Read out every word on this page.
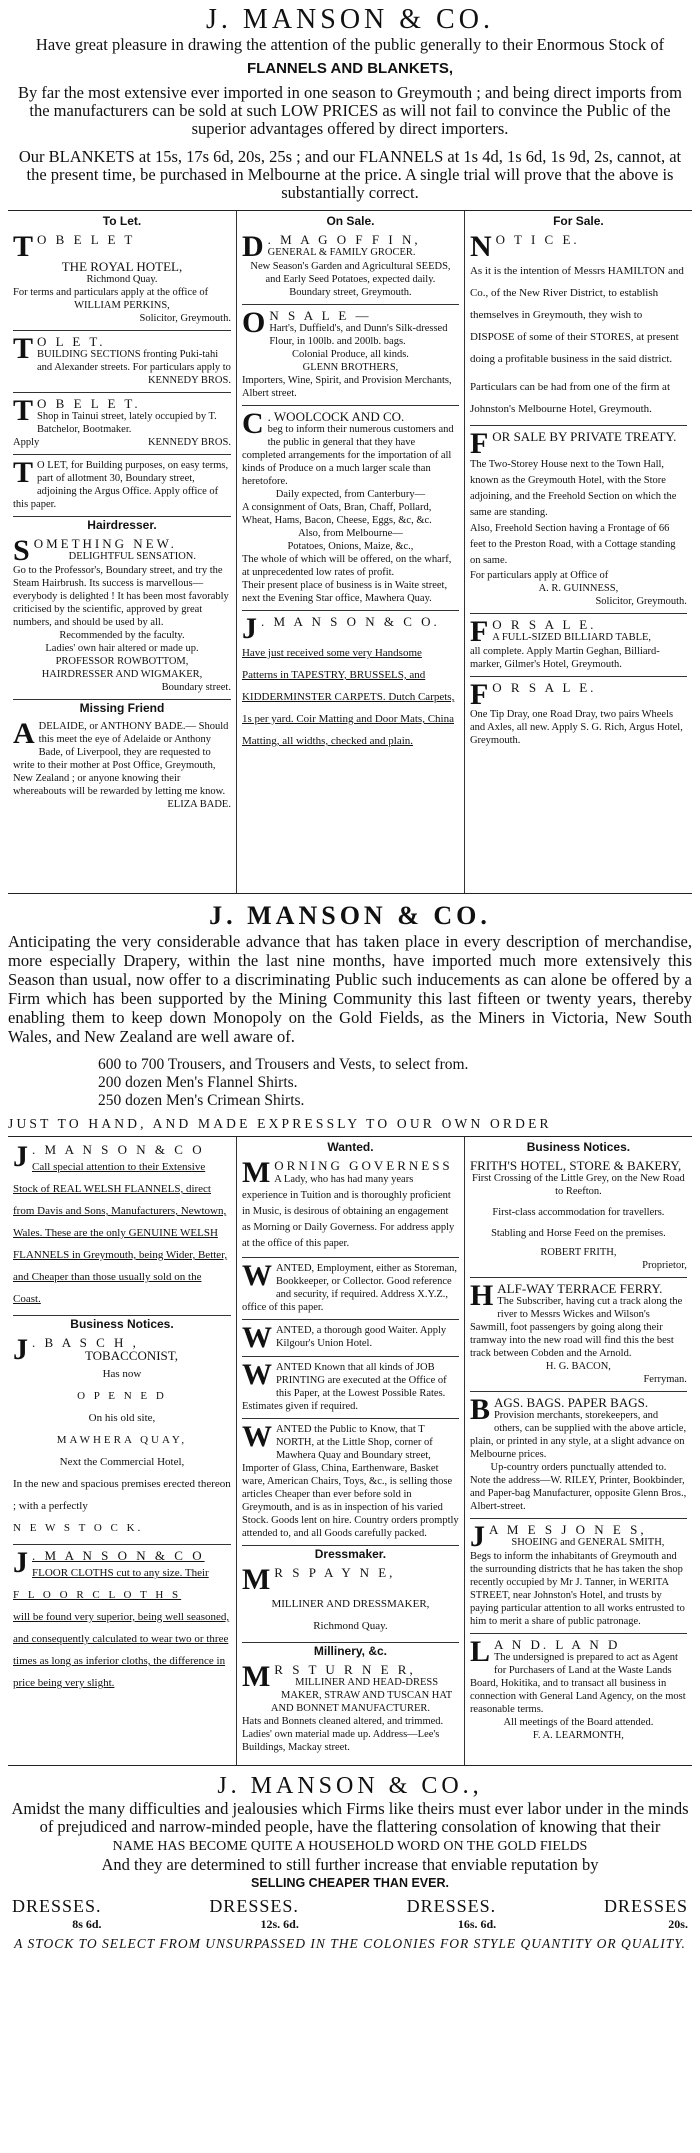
J. MANSON & CO.
Have great pleasure in drawing the attention of the public generally to their Enormous Stock of
FLANNELS AND BLANKETS,
By far the most extensive ever imported in one season to Greymouth ; and being direct imports from the manufacturers can be sold at such LOW PRICES as will not fail to convince the Public of the superior advantages offered by direct importers.
Our BLANKETS at 15s, 17s 6d, 20s, 25s ; and our FLANNELS at 1s 4d, 1s 6d, 1s 9d, 2s, cannot, at the present time, be purchased in Melbourne at the price. A single trial will prove that the above is substantially correct.
To Let.
T O B E L E T
THE ROYAL HOTEL,
Richmond Quay.
For terms and particulars apply at the office of
WILLIAM PERKINS,
Solicitor, Greymouth.
T O L E T.
BUILDING SECTIONS fronting Puki-tahi and Alexander streets. For particulars apply to
KENNEDY BROS.
T O B E L E T.
Shop in Tainui street, lately occupied by T. Batchelor, Bootmaker.
Apply	KENNEDY BROS.
T O LET, for Building purposes, on easy terms, part of allotment 30, Boundary street, adjoining the Argus Office. Apply office of this paper.
Hairdresser.
S OMETHING NEW.
DELIGHTFUL SENSATION.
Go to the Professor's, Boundary street, and try the Steam Hairbrush. Its success is marvellous—everybody is delighted ! It has been most favorably criticised by the scientific, approved by great numbers, and should be used by all.
Recommended by the faculty.
Ladies' own hair altered or made up.
PROFESSOR ROWBOTTOM,
HAIRDRESSER AND WIGMAKER,
Boundary street.
Missing Friend
A DELAIDE, or ANTHONY BADE.— Should this meet the eye of Adelaide or Anthony Bade, of Liverpool, they are requested to write to their mother at Post Office, Greymouth, New Zealand ; or anyone knowing their whereabouts will be rewarded by letting me know.
ELIZA BADE.
On Sale.
D . M A G O F F I N,
GENERAL & FAMILY GROCER.
New Season's Garden and Agricultural SEEDS, and Early Seed Potatoes, expected daily.
Boundary street, Greymouth.
O N S A L E —
Hart's, Duffield's, and Dunn's Silk-dressed Flour, in 100lb. and 200lb. bags.
Colonial Produce, all kinds.
GLENN BROTHERS,
Importers, Wine, Spirit, and Provision Merchants, Albert street.
C . WOOLCOCK AND CO.
beg to inform their numerous customers and the public in general that they have completed arrangements for the importation of all kinds of Produce on a much larger scale than heretofore.
Daily expected, from Canterbury—
A consignment of Oats, Bran, Chaff, Pollard, Wheat, Hams, Bacon, Cheese, Eggs, &c, &c.
Also, from Melbourne—
Potatoes, Onions, Maize, &c.,
The whole of which will be offered, on the wharf, at unprecedented low rates of profit.
Their present place of business is in Waite street, next the Evening Star office, Mawhera Quay.
J . M A N S O N & C O.
Have just received some very Handsome Patterns in TAPESTRY, BRUSSELS, and KIDDERMINSTER CARPETS. Dutch Carpets, 1s per yard. Coir Matting and Door Mats, China Matting, all widths, checked and plain.
For Sale.
N O T I C E.
As it is the intention of Messrs HAMILTON and Co., of the New River District, to establish themselves in Greymouth, they wish to DISPOSE of some of their STORES, at present doing a profitable business in the said district.
Particulars can be had from one of the firm at Johnston's Melbourne Hotel, Greymouth.
F OR SALE BY PRIVATE TREATY.
The Two-Storey House next to the Town Hall, known as the Greymouth Hotel, with the Store adjoining, and the Freehold Section on which the same are standing.
Also, Freehold Section having a Frontage of 66 feet to the Preston Road, with a Cottage standing on same.
For particulars apply at Office of
A. R. GUINNESS,
Solicitor, Greymouth.
F O R S A L E.
A FULL-SIZED BILLIARD TABLE,
all complete. Apply Martin Geghan, Billiard-marker, Gilmer's Hotel, Greymouth.
F O R S A L E.
One Tip Dray, one Road Dray, two pairs Wheels and Axles, all new. Apply S. G. Rich, Argus Hotel, Greymouth.
J. MANSON & CO.
Anticipating the very considerable advance that has taken place in every description of merchandise, more especially Drapery, within the last nine months, have imported much more extensively this Season than usual, now offer to a discriminating Public such inducements as can alone be offered by a Firm which has been supported by the Mining Community this last fifteen or twenty years, thereby enabling them to keep down Monopoly on the Gold Fields, as the Miners in Victoria, New South Wales, and New Zealand are well aware of.
600 to 700 Trousers, and Trousers and Vests, to select from.
200 dozen Men's Flannel Shirts.
250 dozen Men's Crimean Shirts.
JUST TO HAND, AND MADE EXPRESSLY TO OUR OWN ORDER
J . M A N S O N & C O
Call special attention to their Extensive Stock of REAL WELSH FLANNELS, direct from Davis and Sons, Manufacturers, Newtown, Wales. These are the only GENUINE WELSH FLANNELS in Greymouth, being Wider, Better, and Cheaper than those usually sold on the Coast.
Business Notices.
J . B A S C H ,
TOBACCONIST,
Has now
O P E N E D
On his old site,
MAWHERA QUAY,
Next the Commercial Hotel,
In the new and spacious premises erected thereon ; with a perfectly
N E W S T O C K.
J . M A N S O N & C O
FLOOR CLOTHS cut to any size. Their
F L O O R C L O T H S
will be found very superior, being well seasoned, and consequently calculated to wear two or three times as long as inferior cloths, the difference in price being very slight.
Wanted.
M ORNING GOVERNESS
A Lady, who has had many years experience in Tuition and is thoroughly proficient in Music, is desirous of obtaining an engagement as Morning or Daily Governess. For address apply at the office of this paper.
W ANTED, Employment, either as Storeman, Bookkeeper, or Collector. Good reference and security, if required. Address X.Y.Z., office of this paper.
W ANTED, a thorough good Waiter. Apply Kilgour's Union Hotel.
W ANTED Known that all kinds of JOB PRINTING are executed at the Office of this Paper, at the Lowest Possible Rates. Estimates given if required.
W ANTED the Public to Know, that T NORTH, at the Little Shop, corner of Mawhera Quay and Boundary street, Importer of Glass, China, Earthenware, Basket ware, American Chairs, Toys, &c., is selling those articles Cheaper than ever before sold in Greymouth, and is as in inspection of his varied Stock. Goods lent on hire. Country orders promptly attended to, and all Goods carefully packed.
Dressmaker.
M R S P A Y N E,
MILLINER AND DRESSMAKER,
Richmond Quay.
Millinery, &c.
M R S T U R N E R,
MILLINER AND HEAD-DRESS MAKER, STRAW AND TUSCAN HAT AND BONNET MANUFACTURER.
Hats and Bonnets cleaned altered, and trimmed. Ladies' own material made up. Address—Lee's Buildings, Mackay street.
Business Notices.
FRITH'S HOTEL, STORE & BAKERY,
First Crossing of the Little Grey, on the New Road to Reefton.
First-class accommodation for travellers.
Stabling and Horse Feed on the premises.
ROBERT FRITH,
Proprietor,
H ALF-WAY TERRACE FERRY.
The Subscriber, having cut a track along the river to Messrs Wickes and Wilson's Sawmill, foot passengers by going along their tramway into the new road will find this the best track between Cobden and the Arnold.
H. G. BACON,
Ferryman.
B AGS. BAGS. PAPER BAGS.
Provision merchants, storekeepers, and others, can be supplied with the above article, plain, or printed in any style, at a slight advance on Melbourne prices.
Up-country orders punctually attended to.
Note the address—W. RILEY, Printer, Bookbinder, and Paper-bag Manufacturer, opposite Glenn Bros., Albert-street.
J A M E S J O N E S,
SHOEING and GENERAL SMITH,
Begs to inform the inhabitants of Greymouth and the surrounding districts that he has taken the shop recently occupied by Mr J. Tanner, in WERITA STREET, near Johnston's Hotel, and trusts by paying particular attention to all works entrusted to him to merit a share of public patronage.
L A N D. L A N D
The undersigned is prepared to act as Agent for Purchasers of Land at the Waste Lands Board, Hokitika, and to transact all business in connection with General Land Agency, on the most reasonable terms.
All meetings of the Board attended.
F. A. LEARMONTH,
J. MANSON & CO.,
Amidst the many difficulties and jealousies which Firms like theirs must ever labor under in the minds of prejudiced and narrow-minded people, have the flattering consolation of knowing that their
NAME HAS BECOME QUITE A HOUSEHOLD WORD ON THE GOLD FIELDS
And they are determined to still further increase that enviable reputation by
SELLING CHEAPER THAN EVER.
DRESSES.
8s 6d.
DRESSES.
12s. 6d.
DRESSES.
16s. 6d.
DRESSES
20s.
A STOCK TO SELECT FROM UNSURPASSED IN THE COLONIES FOR STYLE QUANTITY OR QUALITY.
